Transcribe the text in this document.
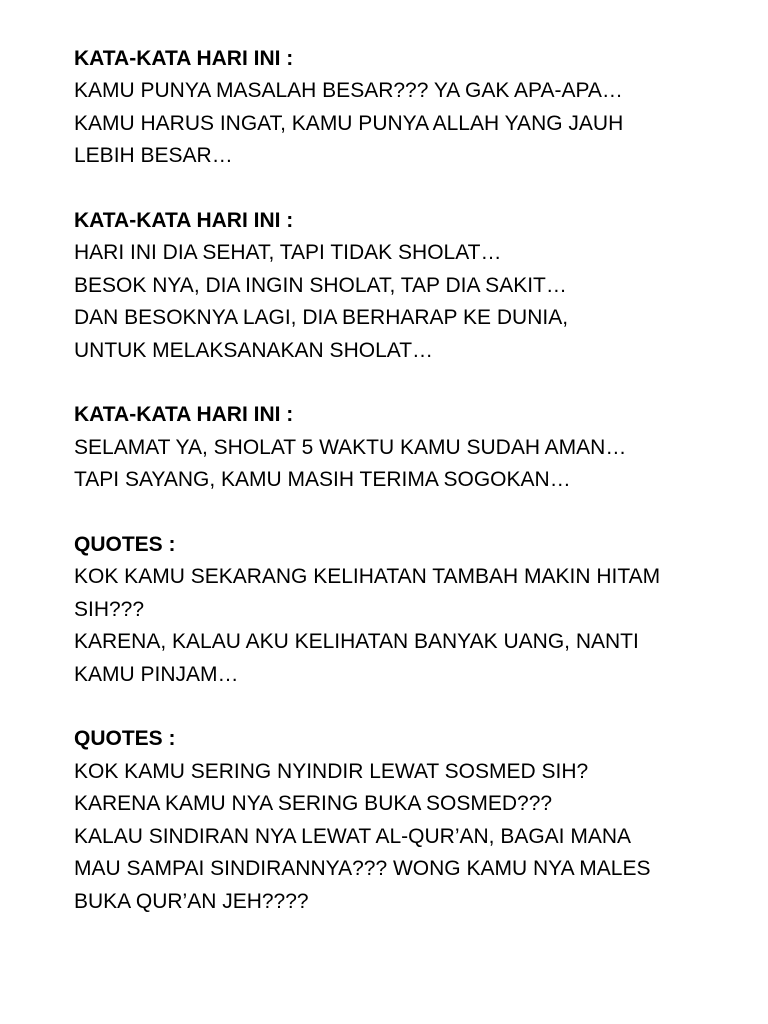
KATA-KATA HARI INI :
KAMU PUNYA MASALAH BESAR??? YA GAK APA-APA…
KAMU HARUS INGAT, KAMU PUNYA ALLAH YANG JAUH
LEBIH BESAR…
KATA-KATA HARI INI :
HARI INI DIA SEHAT, TAPI TIDAK SHOLAT…
BESOK NYA, DIA INGIN SHOLAT, TAP DIA SAKIT…
DAN BESOKNYA LAGI, DIA BERHARAP KE DUNIA,
UNTUK MELAKSANAKAN SHOLAT…
KATA-KATA HARI INI :
SELAMAT YA, SHOLAT 5 WAKTU KAMU SUDAH AMAN…
TAPI SAYANG, KAMU MASIH TERIMA SOGOKAN…
QUOTES :
KOK KAMU SEKARANG KELIHATAN TAMBAH MAKIN HITAM
SIH???
KARENA, KALAU AKU KELIHATAN BANYAK UANG, NANTI
KAMU PINJAM…
QUOTES :
KOK KAMU SERING NYINDIR LEWAT SOSMED SIH?
KARENA KAMU NYA SERING BUKA SOSMED???
KALAU SINDIRAN NYA LEWAT AL-QUR’AN, BAGAI MANA
MAU SAMPAI SINDIRANNYA??? WONG KAMU NYA MALES
BUKA QUR’AN JEH????
